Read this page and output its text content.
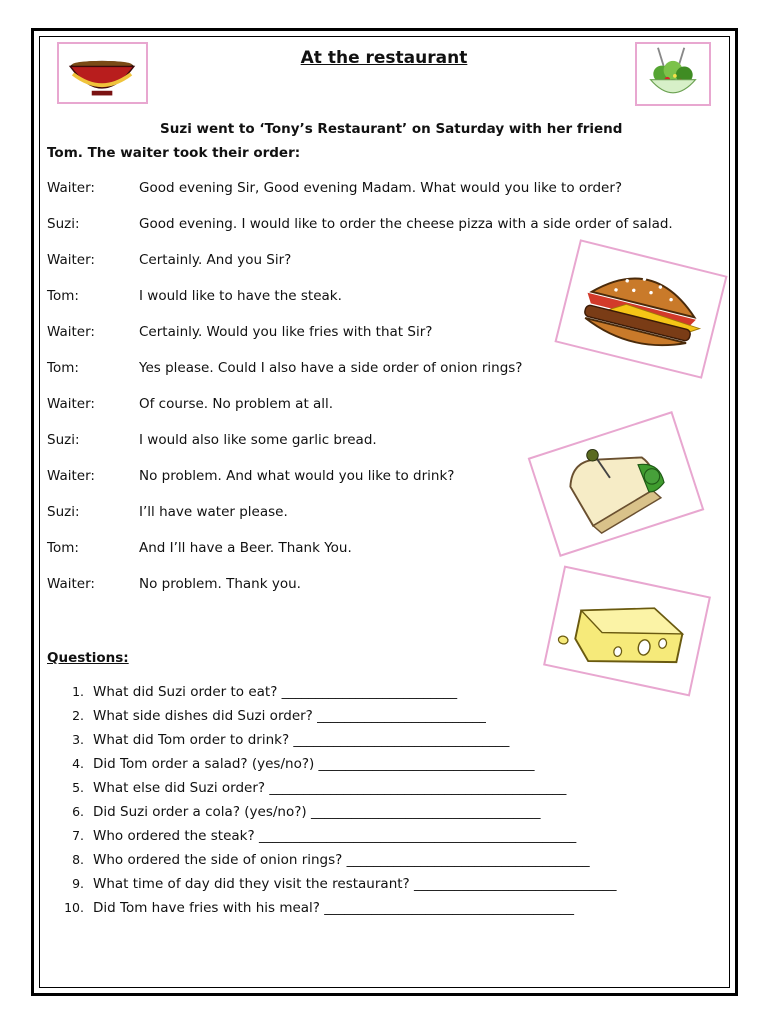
At the restaurant
Suzi went to ‘Tony’s Restaurant’ on Saturday with her friend
Tom. The waiter took their order:
Waiter:	Good evening Sir, Good evening Madam. What would you like to order?
Suzi:	Good evening. I would like to order the cheese pizza with a side order of salad.
Waiter:	Certainly. And you Sir?
Tom:	I would like to have the steak.
Waiter:	Certainly. Would you like fries with that Sir?
Tom:	Yes please. Could I also have a side order of onion rings?
Waiter:	Of course. No problem at all.
Suzi:	I would also like some garlic bread.
Waiter:	No problem. And what would you like to drink?
Suzi:	I’ll have water please.
Tom:	And I’ll have a Beer. Thank You.
Waiter:	No problem. Thank you.
Questions:
1. What did Suzi order to eat? __________________________
2. What side dishes did Suzi order? _________________________
3. What did Tom order to drink? ________________________________
4. Did Tom order a salad? (yes/no?) ________________________________
5. What else did Suzi order? ____________________________________________
6. Did Suzi order a cola? (yes/no?) __________________________________
7. Who ordered the steak? _______________________________________________
8. Who ordered the side of onion rings? ____________________________________
9. What time of day did they visit the restaurant? ______________________________
10. Did Tom have fries with his meal? _____________________________________
